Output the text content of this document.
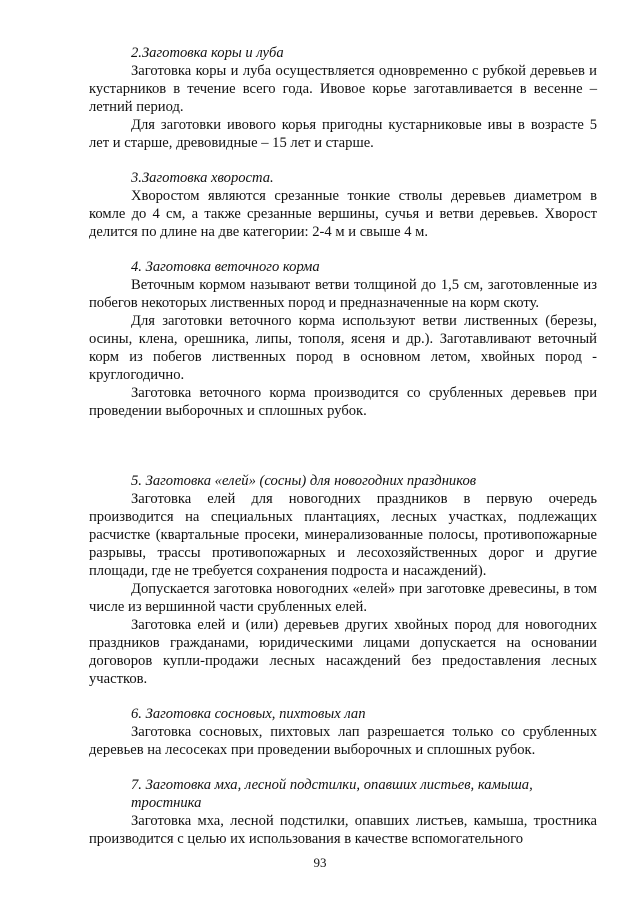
2.Заготовка коры и луба

Заготовка коры и луба осуществляется одновременно с рубкой деревьев и кустарников в течение всего года. Ивовое корье заготавливается в весенне – летний период.

Для заготовки ивового корья пригодны кустарниковые ивы в возрасте 5 лет и старше, древовидные – 15 лет и старше.

3.Заготовка хвороста.

Хворостом являются срезанные тонкие стволы деревьев диаметром в комле до 4 см, а также срезанные вершины, сучья и ветви деревьев. Хворост делится по длине на две категории: 2-4 м и свыше 4 м.

4. Заготовка веточного корма

Веточным кормом называют ветви толщиной до 1,5 см, заготовленные из побегов некоторых лиственных пород и предназначенные на корм скоту.

Для заготовки веточного корма используют ветви лиственных (березы, осины, клена, орешника, липы, тополя, ясеня и др.). Заготавливают веточный корм из побегов лиственных пород в основном летом, хвойных пород - круглогодично.

Заготовка веточного корма производится со срубленных деревьев при проведении выборочных и сплошных рубок.

5. Заготовка «елей» (сосны) для новогодних праздников

Заготовка елей для новогодних праздников в первую очередь производится на специальных плантациях, лесных участках, подлежащих расчистке (квартальные просеки, минерализованные полосы, противопожарные разрывы, трассы противопожарных и лесохозяйственных дорог и другие площади, где не требуется сохранения подроста и насаждений).

Допускается заготовка новогодних «елей» при заготовке древесины, в том числе из вершинной части срубленных елей.

Заготовка елей и (или) деревьев других хвойных пород для новогодних праздников гражданами, юридическими лицами допускается на основании договоров купли-продажи лесных насаждений без предоставления лесных участков.

6. Заготовка сосновых, пихтовых лап

Заготовка сосновых, пихтовых лап разрешается только со срубленных деревьев на лесосеках при проведении выборочных и сплошных рубок.

7. Заготовка мха, лесной подстилки, опавших листьев, камыша, тростника

Заготовка мха, лесной подстилки, опавших листьев, камыша, тростника производится с целью их использования в качестве вспомогательного

93
